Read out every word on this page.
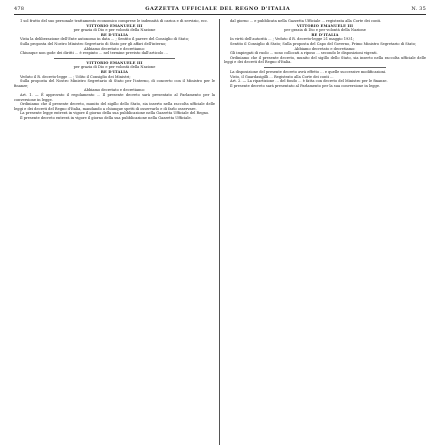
478	GAZZETTA UFFICIALE DEL REGNO D'ITALIA	N. 35

1 sol frutto del suo personale trattamento economico comprese le indennità di carica e di servizio, ecc.

VITTORIO EMANUELE III

per grazia di Dio e per volontà della Nazione

RE D'ITALIA

Vista la deliberazione dell'Ente autonomo in data ... ; Sentito il parere del Consiglio di Stato;

Sulla proposta del Nostro Ministro Segretario di Stato per gli affari dell'interno;

Abbiamo decretato e decretiamo:

Chiunque non gode dei diritti ... è respinto ... nel termine previsto dall'articolo ...

VITTORIO EMANUELE III

per grazia di Dio e per volontà della Nazione

RE D'ITALIA

Veduto il R. decreto-legge ... ; Udito il Consiglio dei Ministri;

Sulla proposta del Nostro Ministro Segretario di Stato per l'interno, di concerto con il Ministro per le finanze;

Abbiamo decretato e decretiamo:

Art. 1. — È approvato il regolamento ... Il presente decreto sarà presentato al Parlamento per la conversione in legge.

Ordiniamo che il presente decreto, munito del sigillo dello Stato, sia inserto nella raccolta ufficiale delle leggi e dei decreti del Regno d'Italia, mandando a chiunque spetti di osservarlo e di farlo osservare.

La presente legge entrerà in vigore il giorno della sua pubblicazione nella Gazzetta Ufficiale del Regno.

Il presente decreto entrerà in vigore il giorno della sua pubblicazione nella Gazzetta Ufficiale.

dal giorno ... e pubblicata nella Gazzetta Ufficiale ... registrata alla Corte dei conti.

VITTORIO EMANUELE III

per grazia di Dio e per volontà della Nazione

RE D'ITALIA

In virtù dell'autorità ... ; Veduto il R. decreto-legge 21 maggio 1931;

Sentito il Consiglio di Stato; Sulla proposta del Capo del Governo, Primo Ministro Segretario di Stato;

Abbiamo decretato e decretiamo:

Gli impiegati di ruolo ... sono collocati a riposo ... secondo le disposizioni vigenti.

Ordiniamo che il presente decreto, munito del sigillo dello Stato, sia inserto nella raccolta ufficiale delle leggi e dei decreti del Regno d'Italia.

La disposizione del presente decreto avrà effetto ... e quelle successive modificazioni.

Visto, il Guardasigilli ... Registrato alla Corte dei conti ...

Art. 2. — La ripartizione ... del fondo ... è fatta con decreto del Ministro per le finanze.

Il presente decreto sarà presentato al Parlamento per la sua conversione in legge.
